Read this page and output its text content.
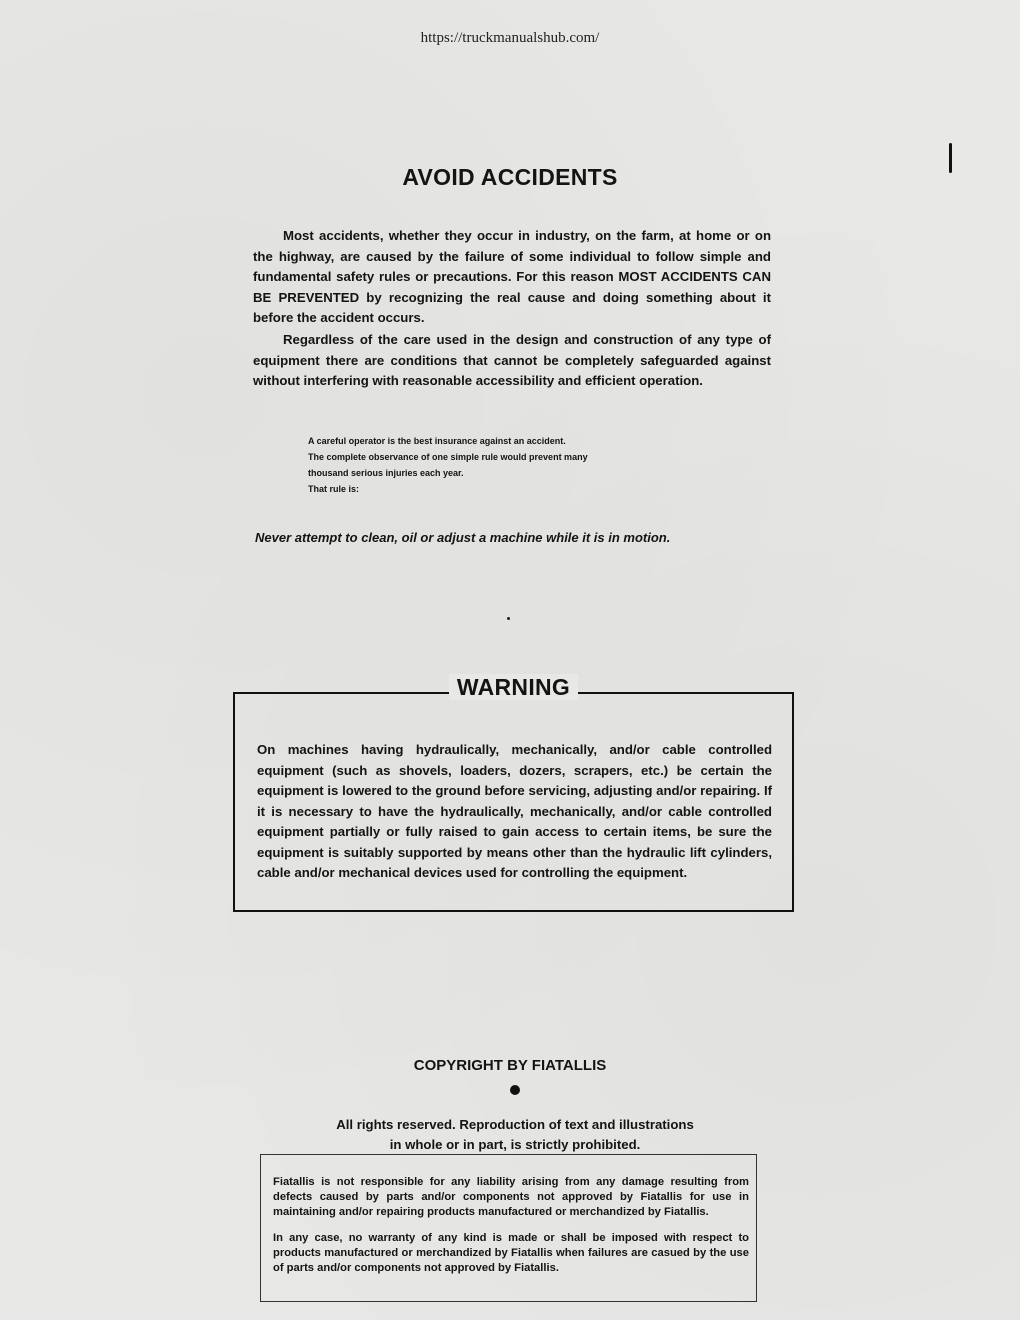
https://truckmanualshub.com/
AVOID ACCIDENTS

Most accidents, whether they occur in industry, on the farm, at home or on the highway, are caused by the failure of some individual to follow simple and fundamental safety rules or precautions. For this reason MOST ACCIDENTS CAN BE PREVENTED by recognizing the real cause and doing something about it before the accident occurs.

Regardless of the care used in the design and construction of any type of equipment there are conditions that cannot be completely safeguarded against without interfering with reasonable accessibility and efficient operation.

A careful operator is the best insurance against an accident.
The complete observance of one simple rule would prevent many
thousand serious injuries each year.
That rule is:
Never attempt to clean, oil or adjust a machine while it is in motion.
WARNING
On machines having hydraulically, mechanically, and/or cable controlled equipment (such as shovels, loaders, dozers, scrapers, etc.) be certain the equipment is lowered to the ground before servicing, adjusting and/or repairing. If it is necessary to have the hydraulically, mechanically, and/or cable controlled equipment partially or fully raised to gain access to certain items, be sure the equipment is suitably supported by means other than the hydraulic lift cylinders, cable and/or mechanical devices used for controlling the equipment.
COPYRIGHT BY FIATALLIS
All rights reserved. Reproduction of text and illustrations
in whole or in part, is strictly prohibited.
Fiatallis is not responsible for any liability arising from any damage resulting from defects caused by parts and/or components not approved by Fiatallis for use in maintaining and/or repairing products manufactured or merchandized by Fiatallis.
In any case, no warranty of any kind is made or shall be imposed with respect to products manufactured or merchandized by Fiatallis when failures are casued by the use of parts and/or components not approved by Fiatallis.
